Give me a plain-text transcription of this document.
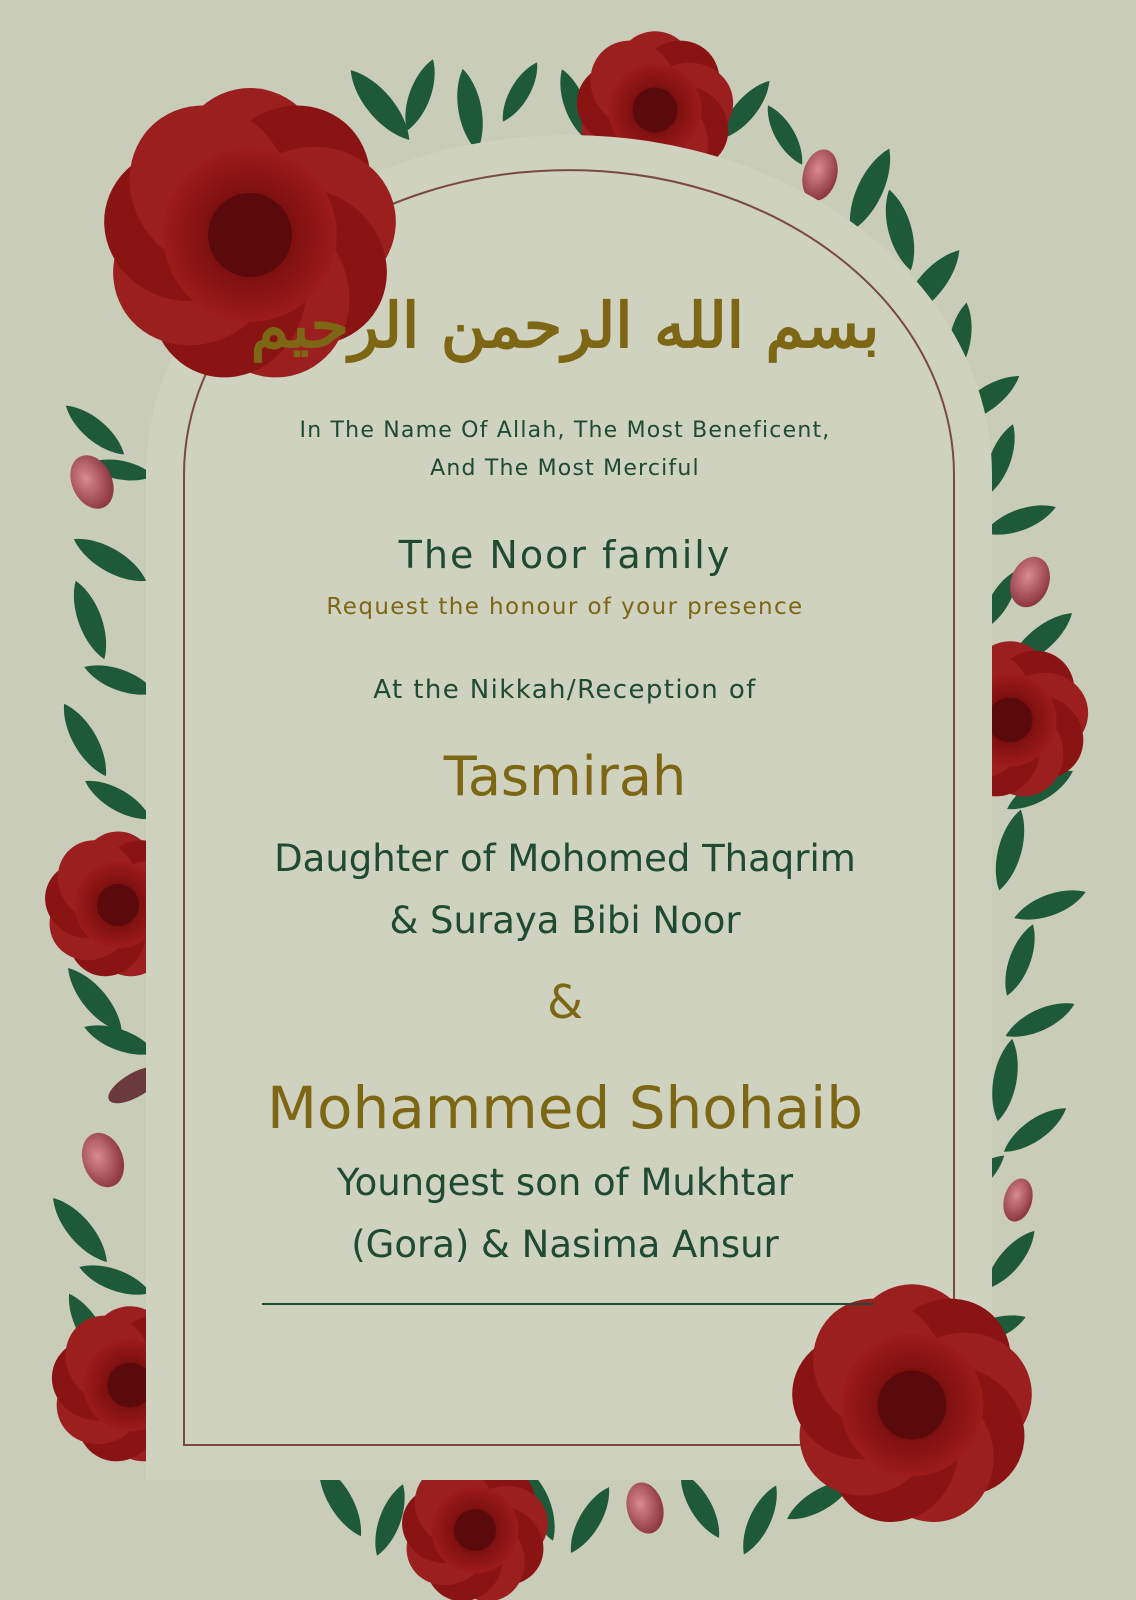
بسم الله الرحمن الرحيم
In The Name Of Allah, The Most Beneficent,
And The Most Merciful
The Noor family
Request the honour of your presence
At the Nikkah/Reception of
Tasmirah
Daughter of Mohomed Thaqrim
& Suraya Bibi Noor
&
Mohammed Shohaib
Youngest son of Mukhtar
(Gora) & Nasima Ansur
